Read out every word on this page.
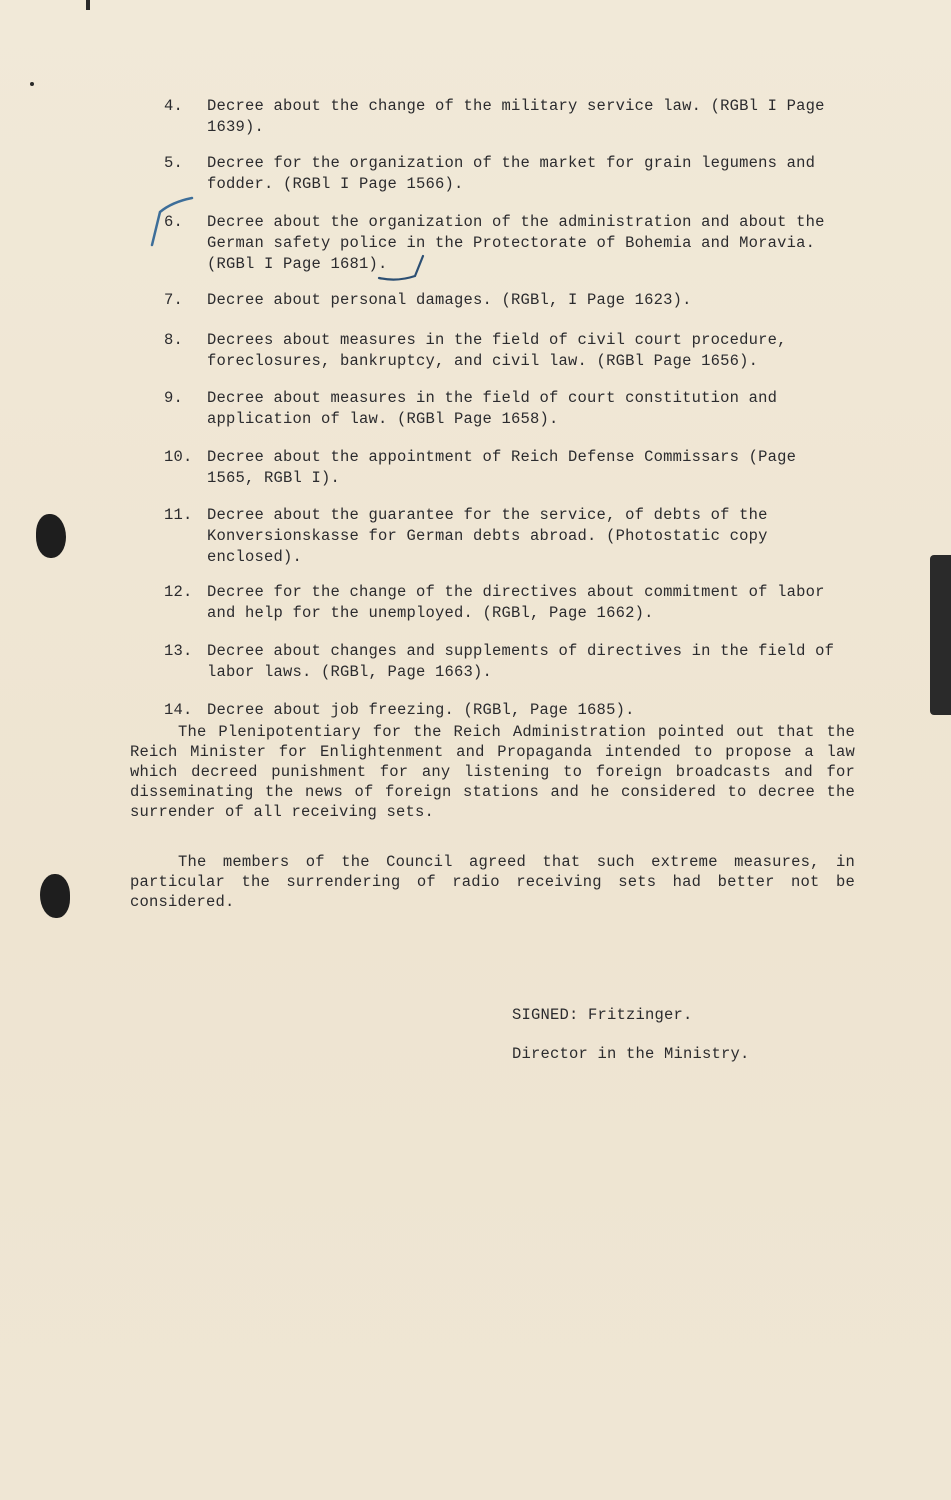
4.	Decree about the change of the military service law. (RGBl I Page 1639).
5.	Decree for the organization of the market for grain legumens and fodder. (RGBl I Page 1566).
6.	Decree about the organization of the administration and about the German safety police in the Protectorate of Bohemia and Moravia. (RGBl I Page 1681).
7.	Decree about personal damages. (RGBl, I Page 1623).
8.	Decrees about measures in the field of civil court procedure, foreclosures, bankruptcy, and civil law. (RGBl Page 1656).
9.	Decree about measures in the field of court constitution and application of law. (RGBl Page 1658).
10. Decree about the appointment of Reich Defense Commissars (Page 1565, RGBl I).
11. Decree about the guarantee for the service, of debts of the Konversionskasse for German debts abroad. (Photostatic copy enclosed).
12. Decree for the change of the directives about commitment of labor and help for the unemployed. (RGBl, Page 1662).
13. Decree about changes and supplements of directives in the field of labor laws. (RGBl, Page 1663).
14. Decree about job freezing. (RGBl, Page 1685).

The Plenipotentiary for the Reich Administration pointed out that the Reich Minister for Enlightenment and Propaganda intended to propose a law which decreed punishment for any listening to foreign broadcasts and for disseminating the news of foreign stations and he considered to decree the surrender of all receiving sets.

The members of the Council agreed that such extreme measures, in particular the surrendering of radio receiving sets had better not be considered.

SIGNED: Fritzinger.
Director in the Ministry.
